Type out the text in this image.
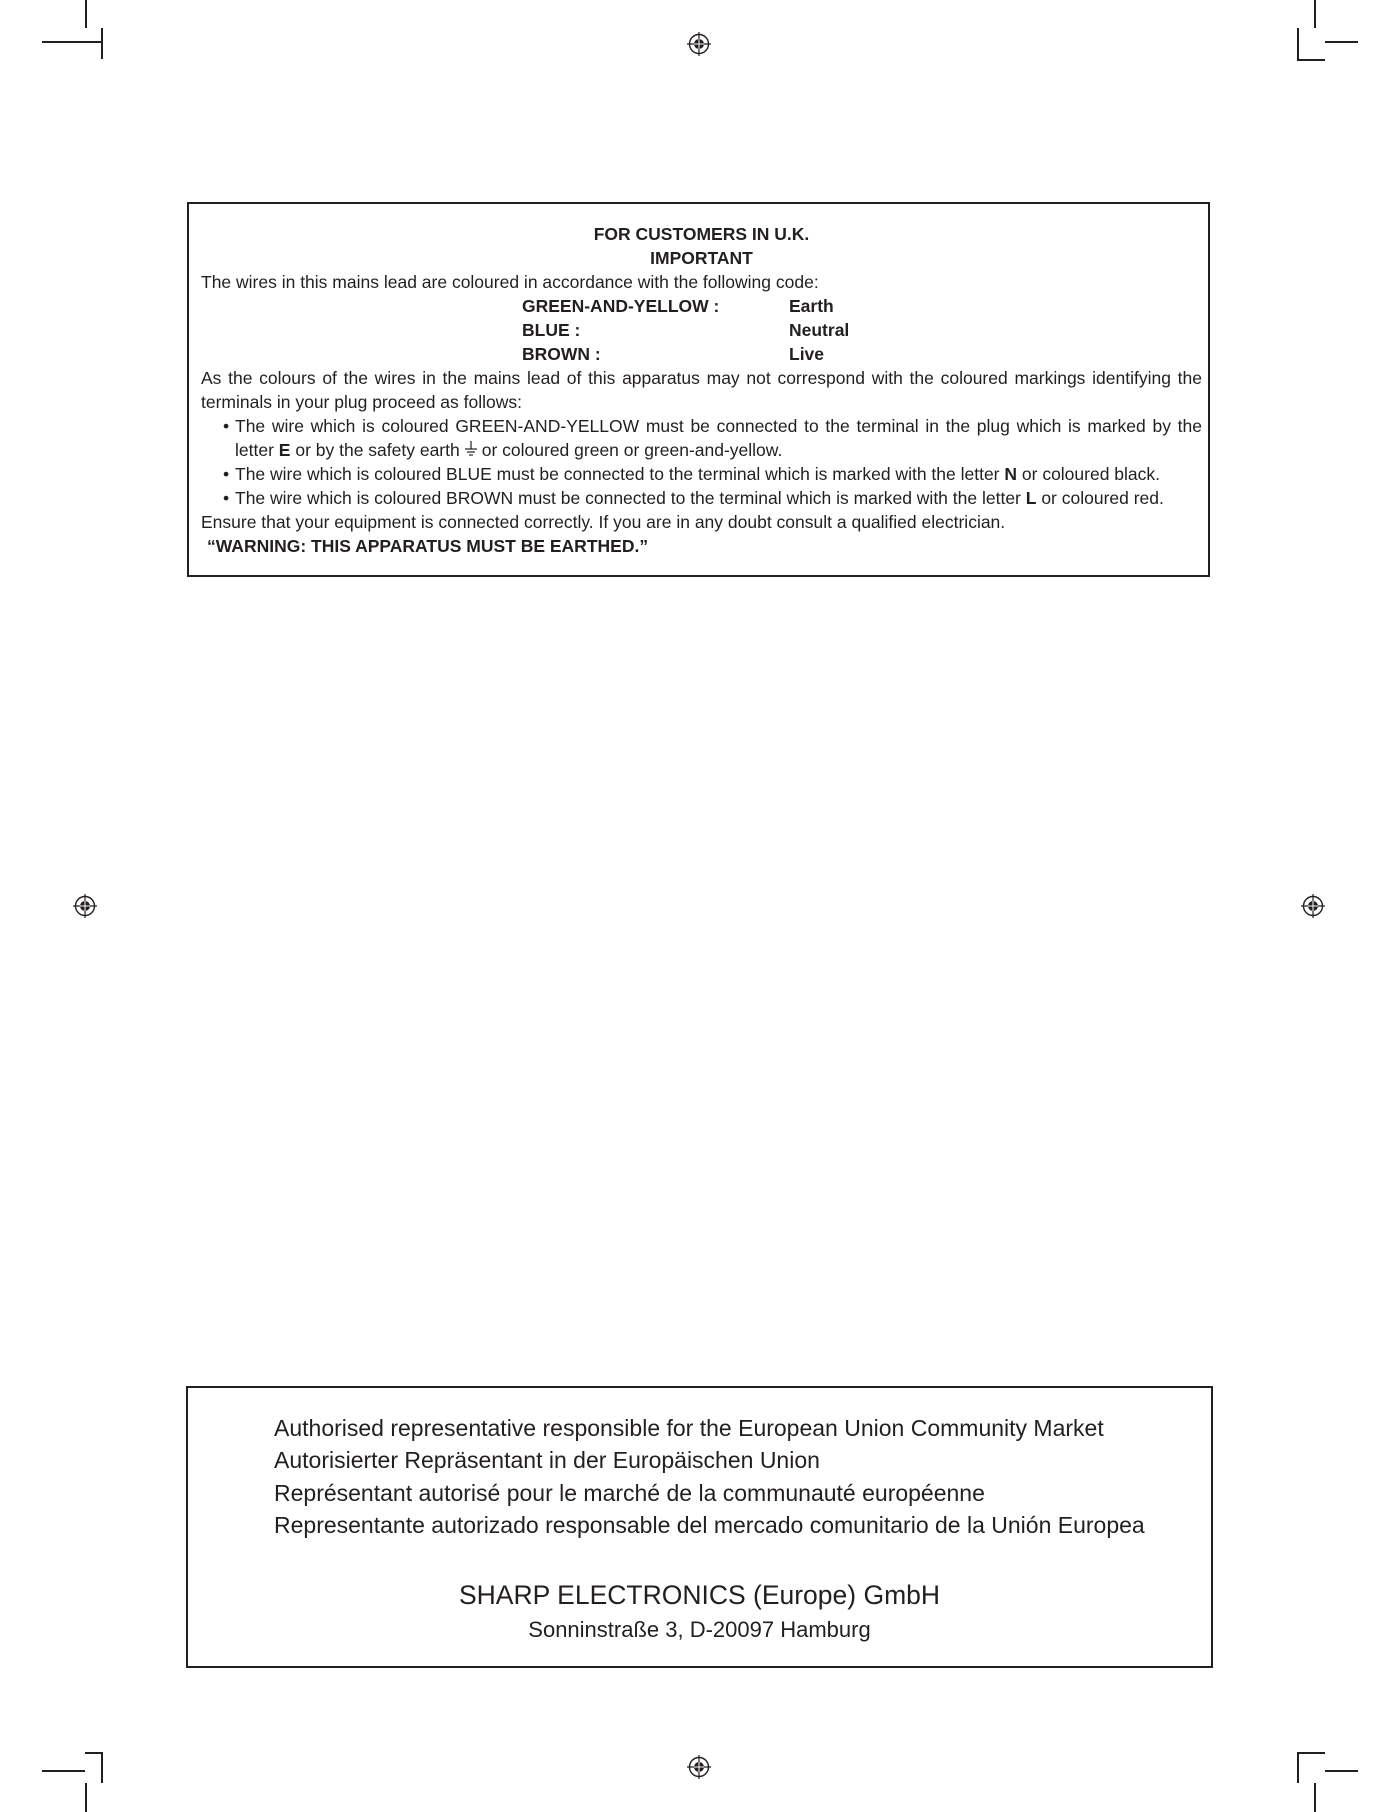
FOR CUSTOMERS IN U.K.
IMPORTANT
The wires in this mains lead are coloured in accordance with the following code:
GREEN-AND-YELLOW :	Earth
BLUE :	Neutral
BROWN :	Live
As the colours of the wires in the mains lead of this apparatus may not correspond with the coloured markings identifying the terminals in your plug proceed as follows:
• The wire which is coloured GREEN-AND-YELLOW must be connected to the terminal in the plug which is marked by the letter E or by the safety earth or coloured green or green-and-yellow.
• The wire which is coloured BLUE must be connected to the terminal which is marked with the letter N or coloured black.
• The wire which is coloured BROWN must be connected to the terminal which is marked with the letter L or coloured red.
Ensure that your equipment is connected correctly. If you are in any doubt consult a qualified electrician.
“WARNING: THIS APPARATUS MUST BE EARTHED.”
Authorised representative responsible for the European Union Community Market
Autorisierter Repräsentant in der Europäischen Union
Représentant autorisé pour le marché de la communauté européenne
Representante autorizado responsable del mercado comunitario de la Unión Europea
SHARP ELECTRONICS (Europe) GmbH
Sonninstraße 3, D-20097 Hamburg
